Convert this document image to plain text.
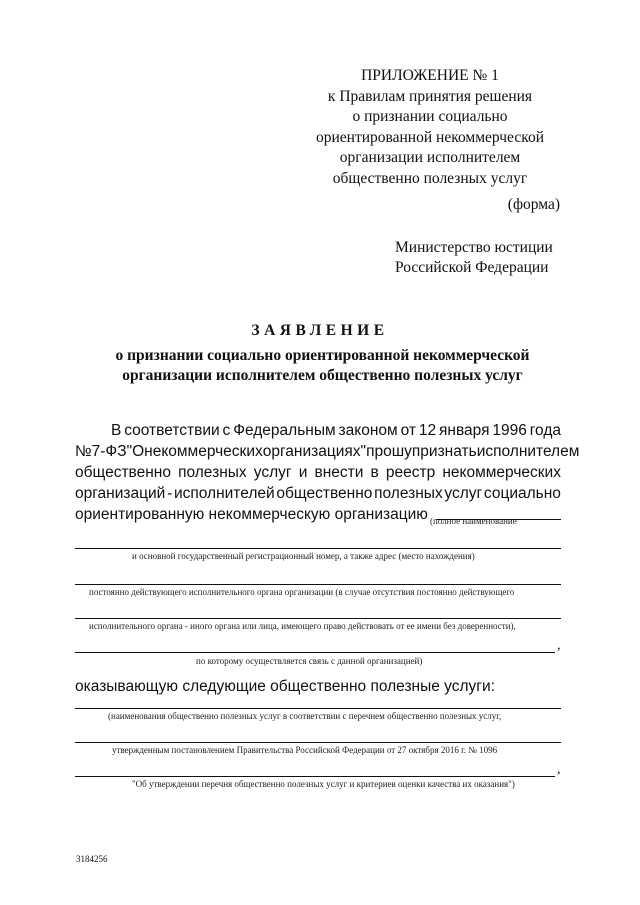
ПРИЛОЖЕНИЕ № 1
к Правилам принятия решения
о признании социально
ориентированной некоммерческой
организации исполнителем
общественно полезных услуг
(форма)
Министерство юстиции
Российской Федерации
ЗАЯВЛЕНИЕ
о признании социально ориентированной некоммерческой
организации исполнителем общественно полезных услуг
В соответствии с Федеральным законом от 12 января 1996 года
№ 7-ФЗ "О некоммерческих организациях" прошу признать исполнителем
общественно полезных услуг и внести в реестр некоммерческих
организаций - исполнителей общественно полезных услуг социально
ориентированную некоммерческую организацию (полное наименование
и основной государственный регистрационный номер, а также адрес (место нахождения)
постоянно действующего исполнительного органа организации (в случае отсутствия постоянно действующего
исполнительного органа - иного органа или лица, имеющего право действовать от ее имени без доверенности),
,
по которому осуществляется связь с данной организацией)
оказывающую следующие общественно полезные услуги:
(наименования общественно полезных услуг в соответствии с перечнем общественно полезных услуг,
утвержденным постановлением Правительства Российской Федерации от 27 октября 2016 г. № 1096
,
"Об утверждении перечня общественно полезных услуг и критериев оценки качества их оказания")
3184256
